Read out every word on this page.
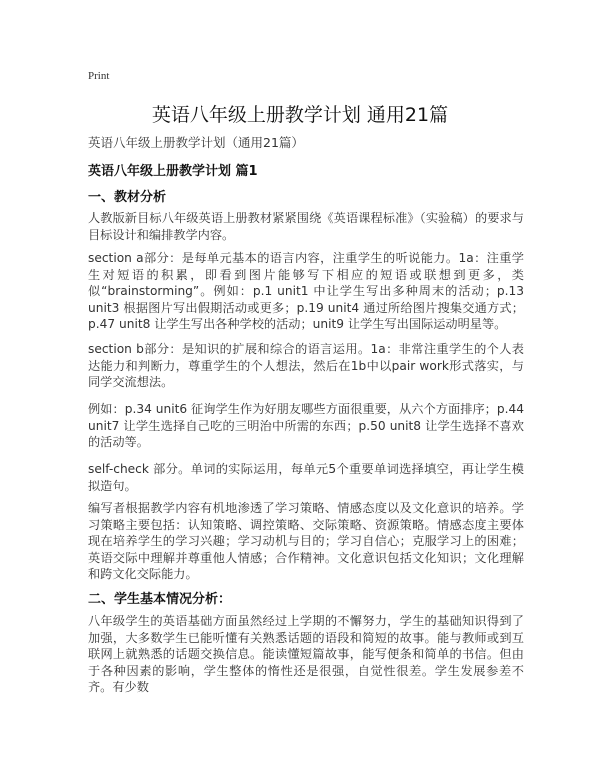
Print
英语八年级上册教学计划 通用21篇
英语八年级上册教学计划（通用21篇）
英语八年级上册教学计划 篇1
一、教材分析
人教版新目标八年级英语上册教材紧紧围绕《英语课程标准》（实验稿）的要求与目标设计和编排教学内容。
section a部分：是每单元基本的语言内容，注重学生的听说能力。1a：注重学生对短语的积累，即看到图片能够写下相应的短语或联想到更多，类似“brainstorming”。例如：p.1 unit1 中让学生写出多种周末的活动；p.13 unit3 根据图片写出假期活动或更多；p.19 unit4 通过所给图片搜集交通方式；p.47 unit8 让学生写出各种学校的活动；unit9 让学生写出国际运动明星等。
section b部分：是知识的扩展和综合的语言运用。1a：非常注重学生的个人表达能力和判断力，尊重学生的个人想法，然后在1b中以pair work形式落实，与同学交流想法。
例如：p.34 unit6 征询学生作为好朋友哪些方面很重要，从六个方面排序；p.44 unit7 让学生选择自己吃的三明治中所需的东西；p.50 unit8 让学生选择不喜欢的活动等。
self-check 部分。单词的实际运用，每单元5个重要单词选择填空，再让学生模拟造句。
编写者根据教学内容有机地渗透了学习策略、情感态度以及文化意识的培养。学习策略主要包括：认知策略、调控策略、交际策略、资源策略。情感态度主要体现在培养学生的学习兴趣；学习动机与目的；学习自信心；克服学习上的困难；英语交际中理解并尊重他人情感；合作精神。文化意识包括文化知识；文化理解和跨文化交际能力。
二、学生基本情况分析：
八年级学生的英语基础方面虽然经过上学期的不懈努力，学生的基础知识得到了加强，大多数学生已能听懂有关熟悉话题的语段和简短的故事。能与教师或到互联网上就熟悉的话题交换信息。能读懂短篇故事，能写便条和简单的书信。但由于各种因素的影响，学生整体的惰性还是很强，自觉性很差。学生发展参差不齐。有少数
